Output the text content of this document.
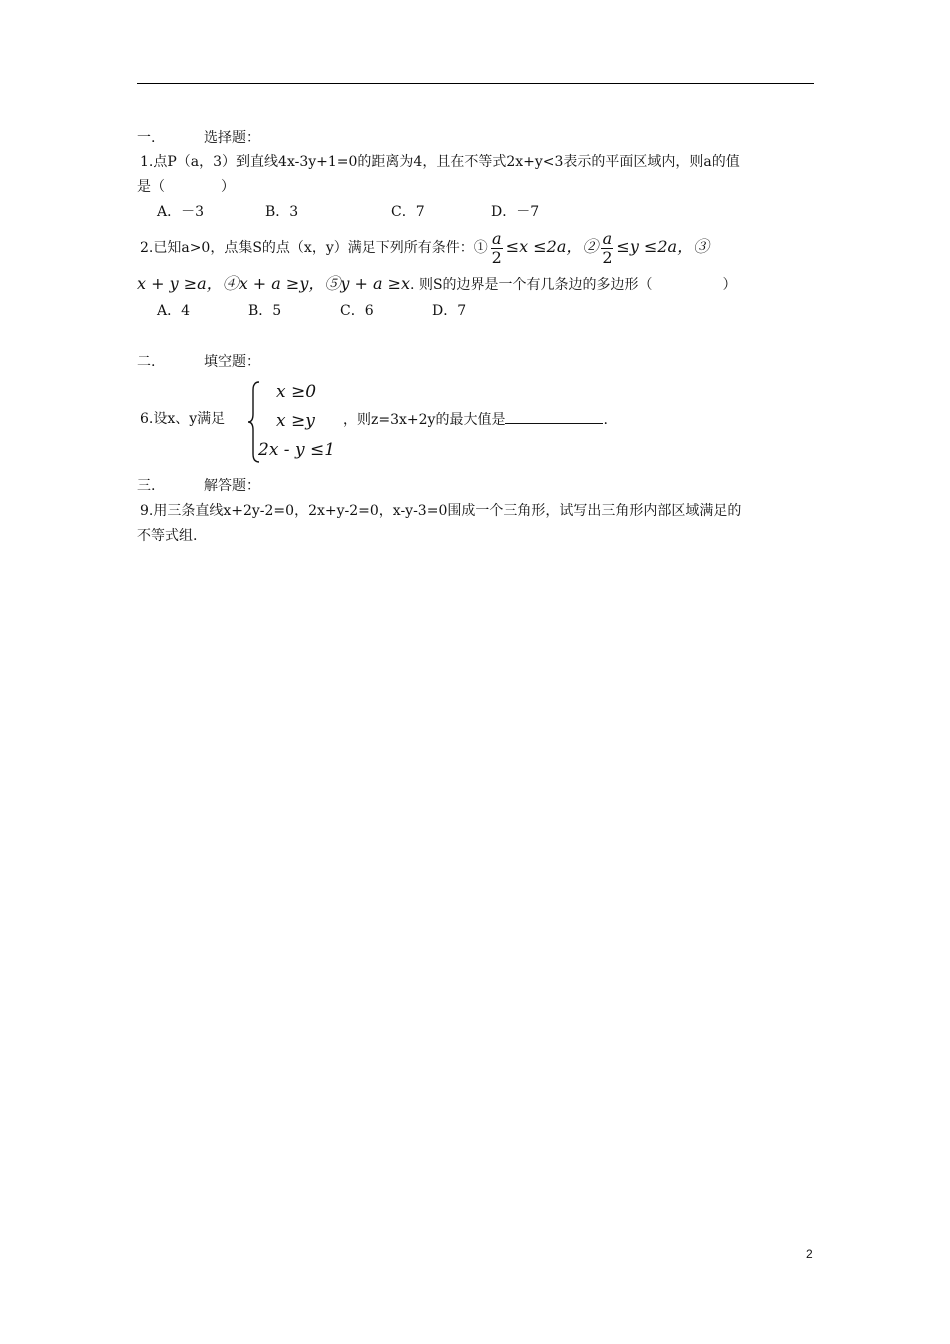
一.	选择题：
1.点P（a，3）到直线4x-3y+1=0的距离为4，且在不等式2x+y<3表示的平面区域内，则a的值
是（　　　　）
A．－3	B．3	C．7	D．－7
2.已知a>0，点集S的点（x，y）满足下列所有条件：① $\frac{a}{2} \le x \le 2a$，② $\frac{a}{2} \le y \le 2a$，③
x + y ≥a，④x + a ≥y，⑤y + a ≥x. 则S的边界是一个有几条边的多边形（　　　　　）
A．4	B．5	C．6	D．7
二.	填空题：
6.设x、y满足
x ≥0
x ≥y
2x - y ≤1
，则z=3x+2y的最大值是	.
三.	解答题：
9.用三条直线x+2y-2=0，2x+y-2=0，x-y-3=0围成一个三角形，试写出三角形内部区域满足的
不等式组.
2
